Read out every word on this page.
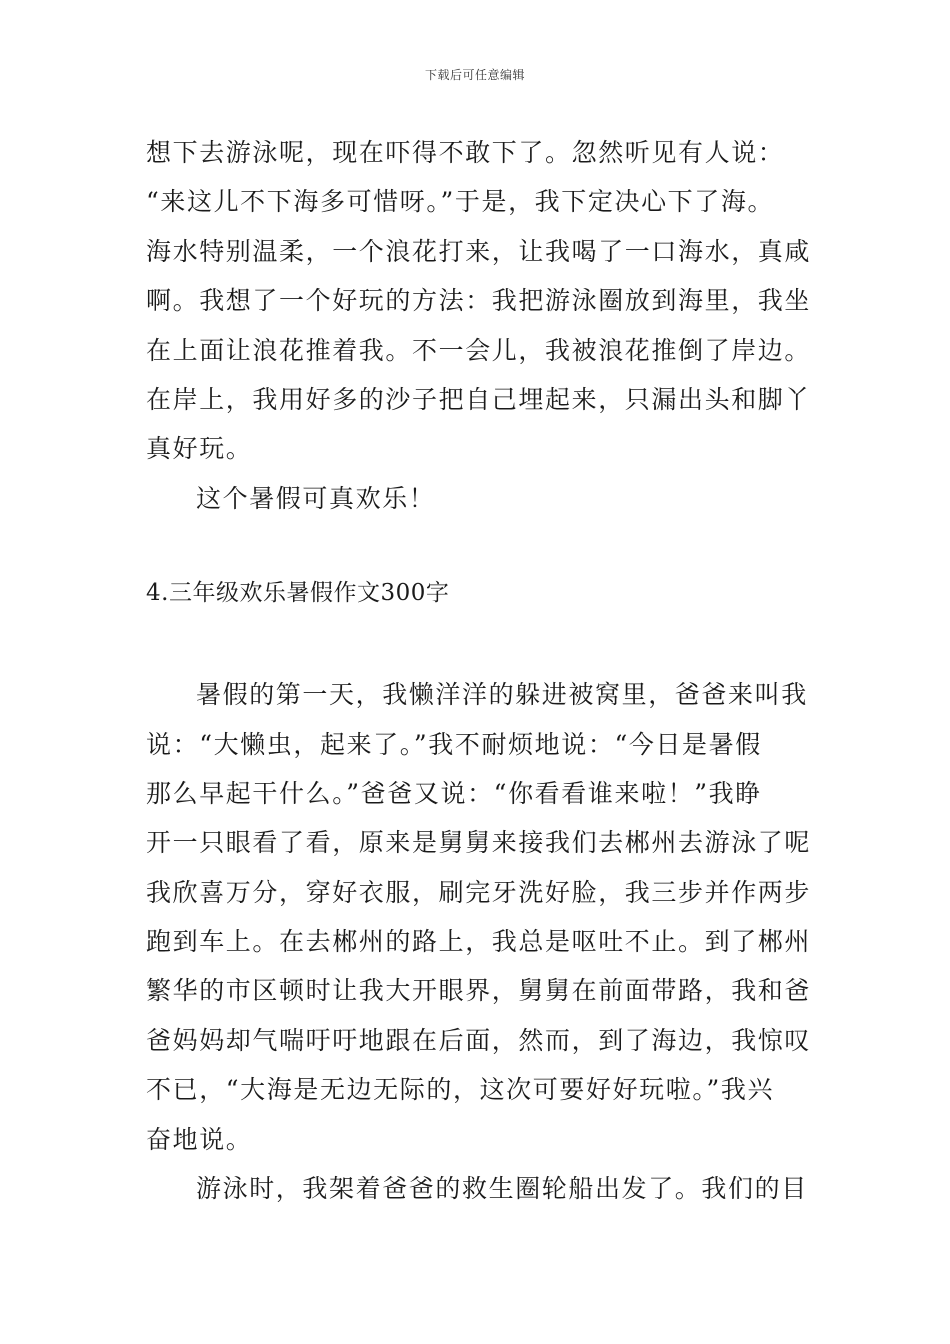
下载后可任意编辑
想下去游泳呢，现在吓得不敢下了。忽然听见有人说：
“来这儿不下海多可惜呀。”于是，我下定决心下了海。
海水特别温柔，一个浪花打来，让我喝了一口海水，真咸
啊。我想了一个好玩的方法：我把游泳圈放到海里，我坐
在上面让浪花推着我。不一会儿，我被浪花推倒了岸边。
在岸上，我用好多的沙子把自己埋起来，只漏出头和脚丫
真好玩。
这个暑假可真欢乐！
4.三年级欢乐暑假作文300字
暑假的第一天，我懒洋洋的躲进被窝里，爸爸来叫我
说：“大懒虫，起来了。”我不耐烦地说：“今日是暑假
那么早起干什么。”爸爸又说：“你看看谁来啦！”我睁
开一只眼看了看，原来是舅舅来接我们去郴州去游泳了呢
我欣喜万分，穿好衣服，刷完牙洗好脸，我三步并作两步
跑到车上。在去郴州的路上，我总是呕吐不止。到了郴州
繁华的市区顿时让我大开眼界，舅舅在前面带路，我和爸
爸妈妈却气喘吁吁地跟在后面，然而，到了海边，我惊叹
不已，“大海是无边无际的，这次可要好好玩啦。”我兴
奋地说。
游泳时，我架着爸爸的救生圈轮船出发了。我们的目
